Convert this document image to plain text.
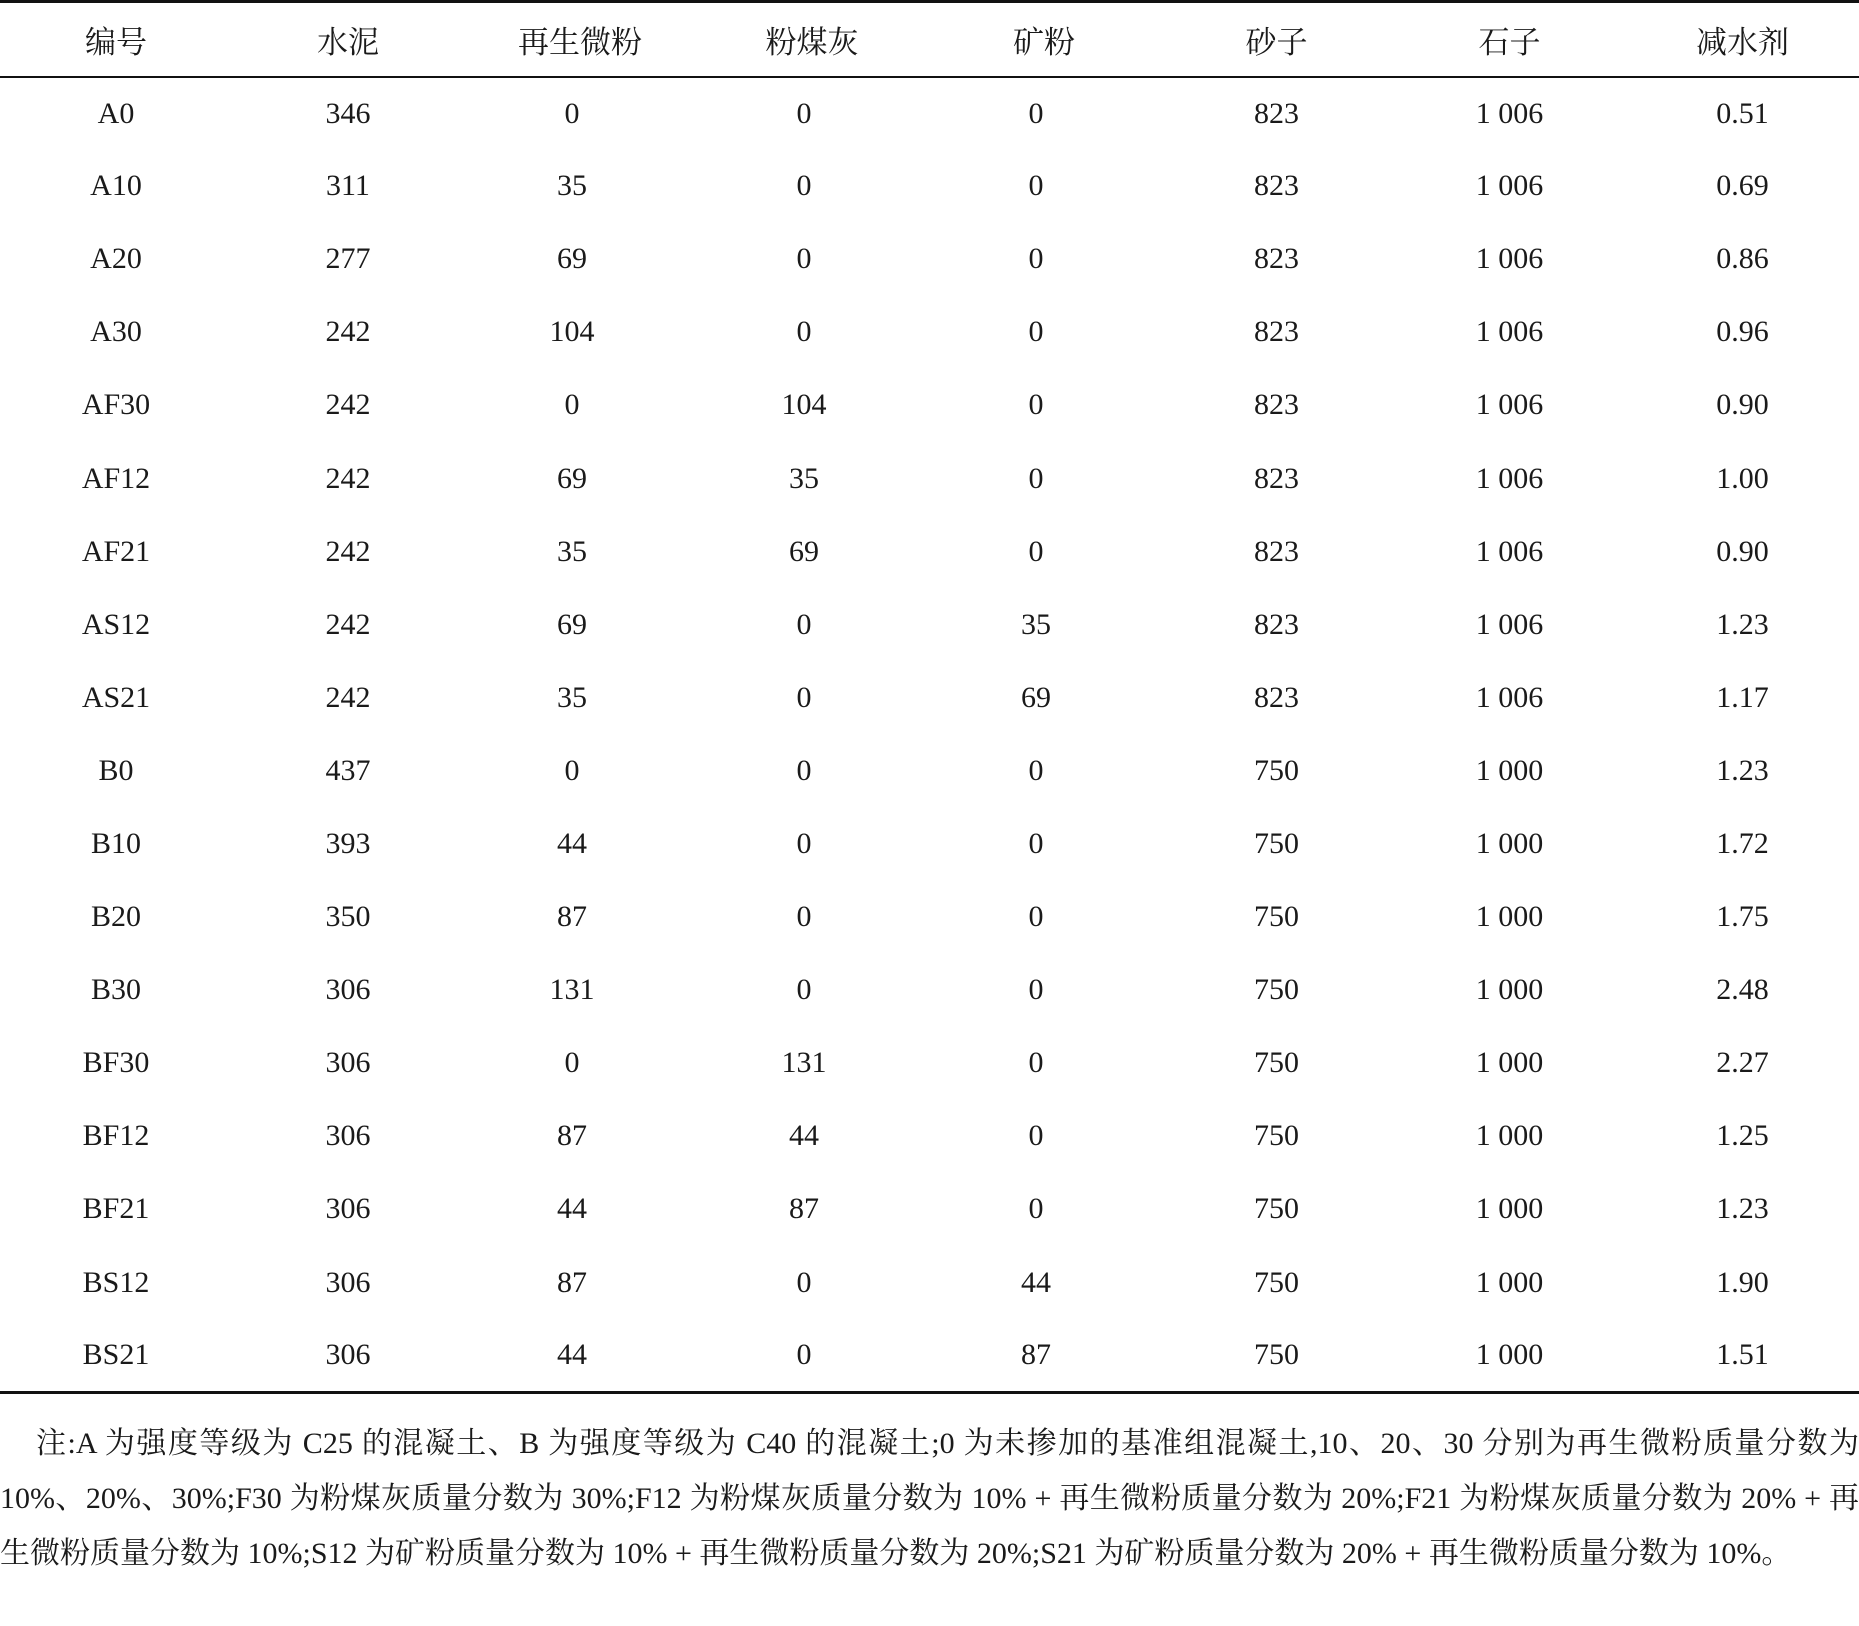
编号	水泥	再生微粉	粉煤灰	矿粉	砂子	石子	减水剂
A0	346	0	0	0	823	1 006	0.51
A10	311	35	0	0	823	1 006	0.69
A20	277	69	0	0	823	1 006	0.86
A30	242	104	0	0	823	1 006	0.96
AF30	242	0	104	0	823	1 006	0.90
AF12	242	69	35	0	823	1 006	1.00
AF21	242	35	69	0	823	1 006	0.90
AS12	242	69	0	35	823	1 006	1.23
AS21	242	35	0	69	823	1 006	1.17
B0	437	0	0	0	750	1 000	1.23
B10	393	44	0	0	750	1 000	1.72
B20	350	87	0	0	750	1 000	1.75
B30	306	131	0	0	750	1 000	2.48
BF30	306	0	131	0	750	1 000	2.27
BF12	306	87	44	0	750	1 000	1.25
BF21	306	44	87	0	750	1 000	1.23
BS12	306	87	0	44	750	1 000	1.90
BS21	306	44	0	87	750	1 000	1.51

注:A 为强度等级为 C25 的混凝土、B 为强度等级为 C40 的混凝土;0 为未掺加的基准组混凝土,10、20、30 分别为再生微粉质量分数为 10%、20%、30%;F30 为粉煤灰质量分数为 30%;F12 为粉煤灰质量分数为 10% + 再生微粉质量分数为 20%;F21 为粉煤灰质量分数为 20% + 再生微粉质量分数为 10%;S12 为矿粉质量分数为 10% + 再生微粉质量分数为 20%;S21 为矿粉质量分数为 20% + 再生微粉质量分数为 10%。
